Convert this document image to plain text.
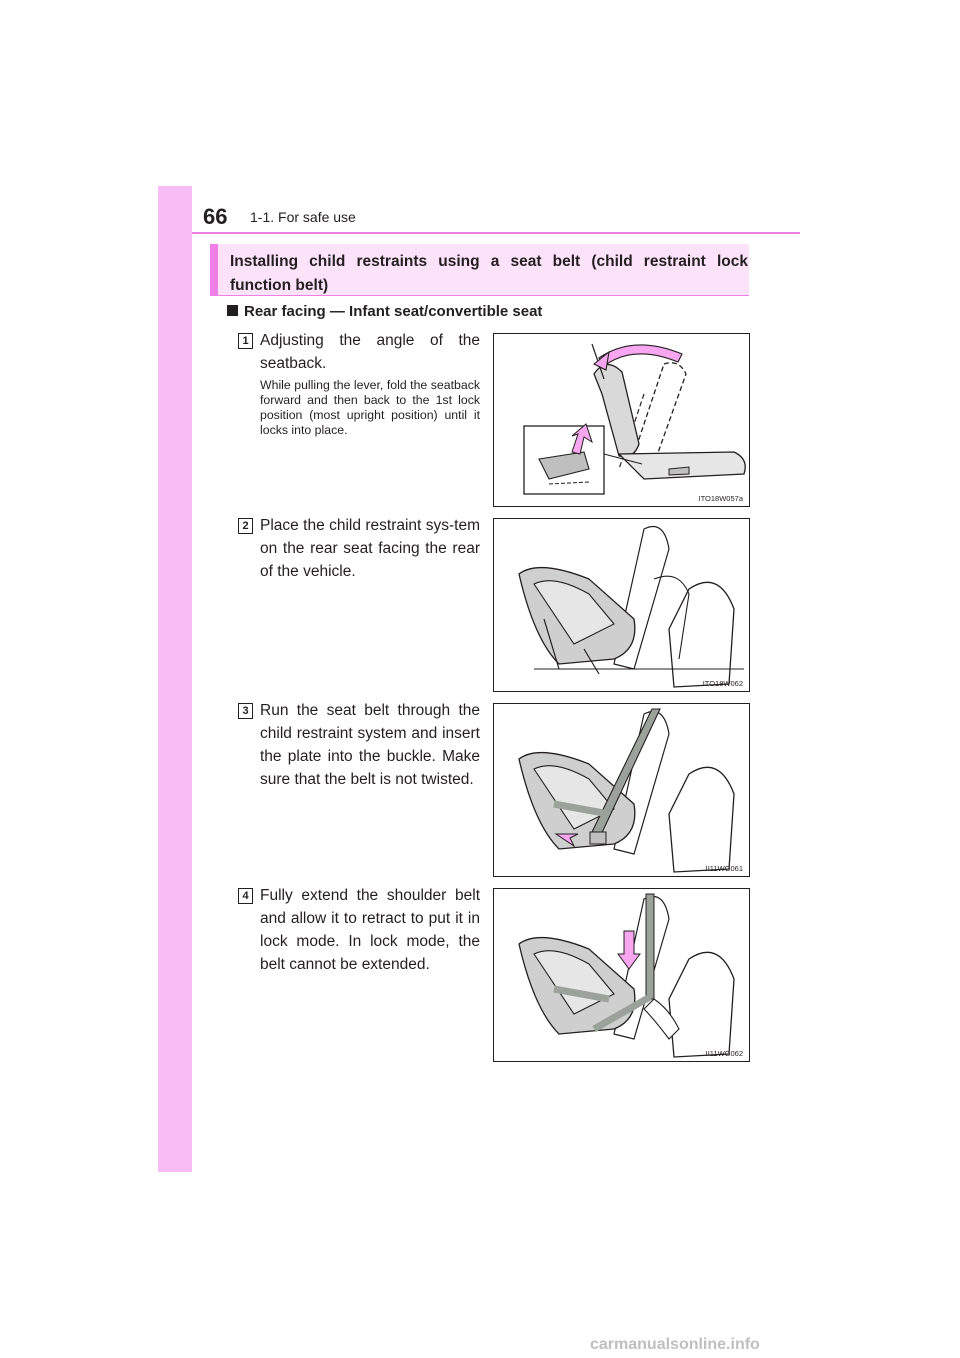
66 1-1. For safe use
Installing child restraints using a seat belt (child restraint lock function belt)
Rear facing — Infant seat/convertible seat
1 Adjusting the angle of the seatback.
While pulling the lever, fold the seatback forward and then back to the 1st lock position (most upright position) until it locks into place.
ITO18W057a
2 Place the child restraint sys-tem on the rear seat facing the rear of the vehicle.
ITO18W062
3 Run the seat belt through the child restraint system and insert the plate into the buckle. Make sure that the belt is not twisted.
II11WG061
4 Fully extend the shoulder belt and allow it to retract to put it in lock mode. In lock mode, the belt cannot be extended.
II11WG062
carmanualsonline.info
